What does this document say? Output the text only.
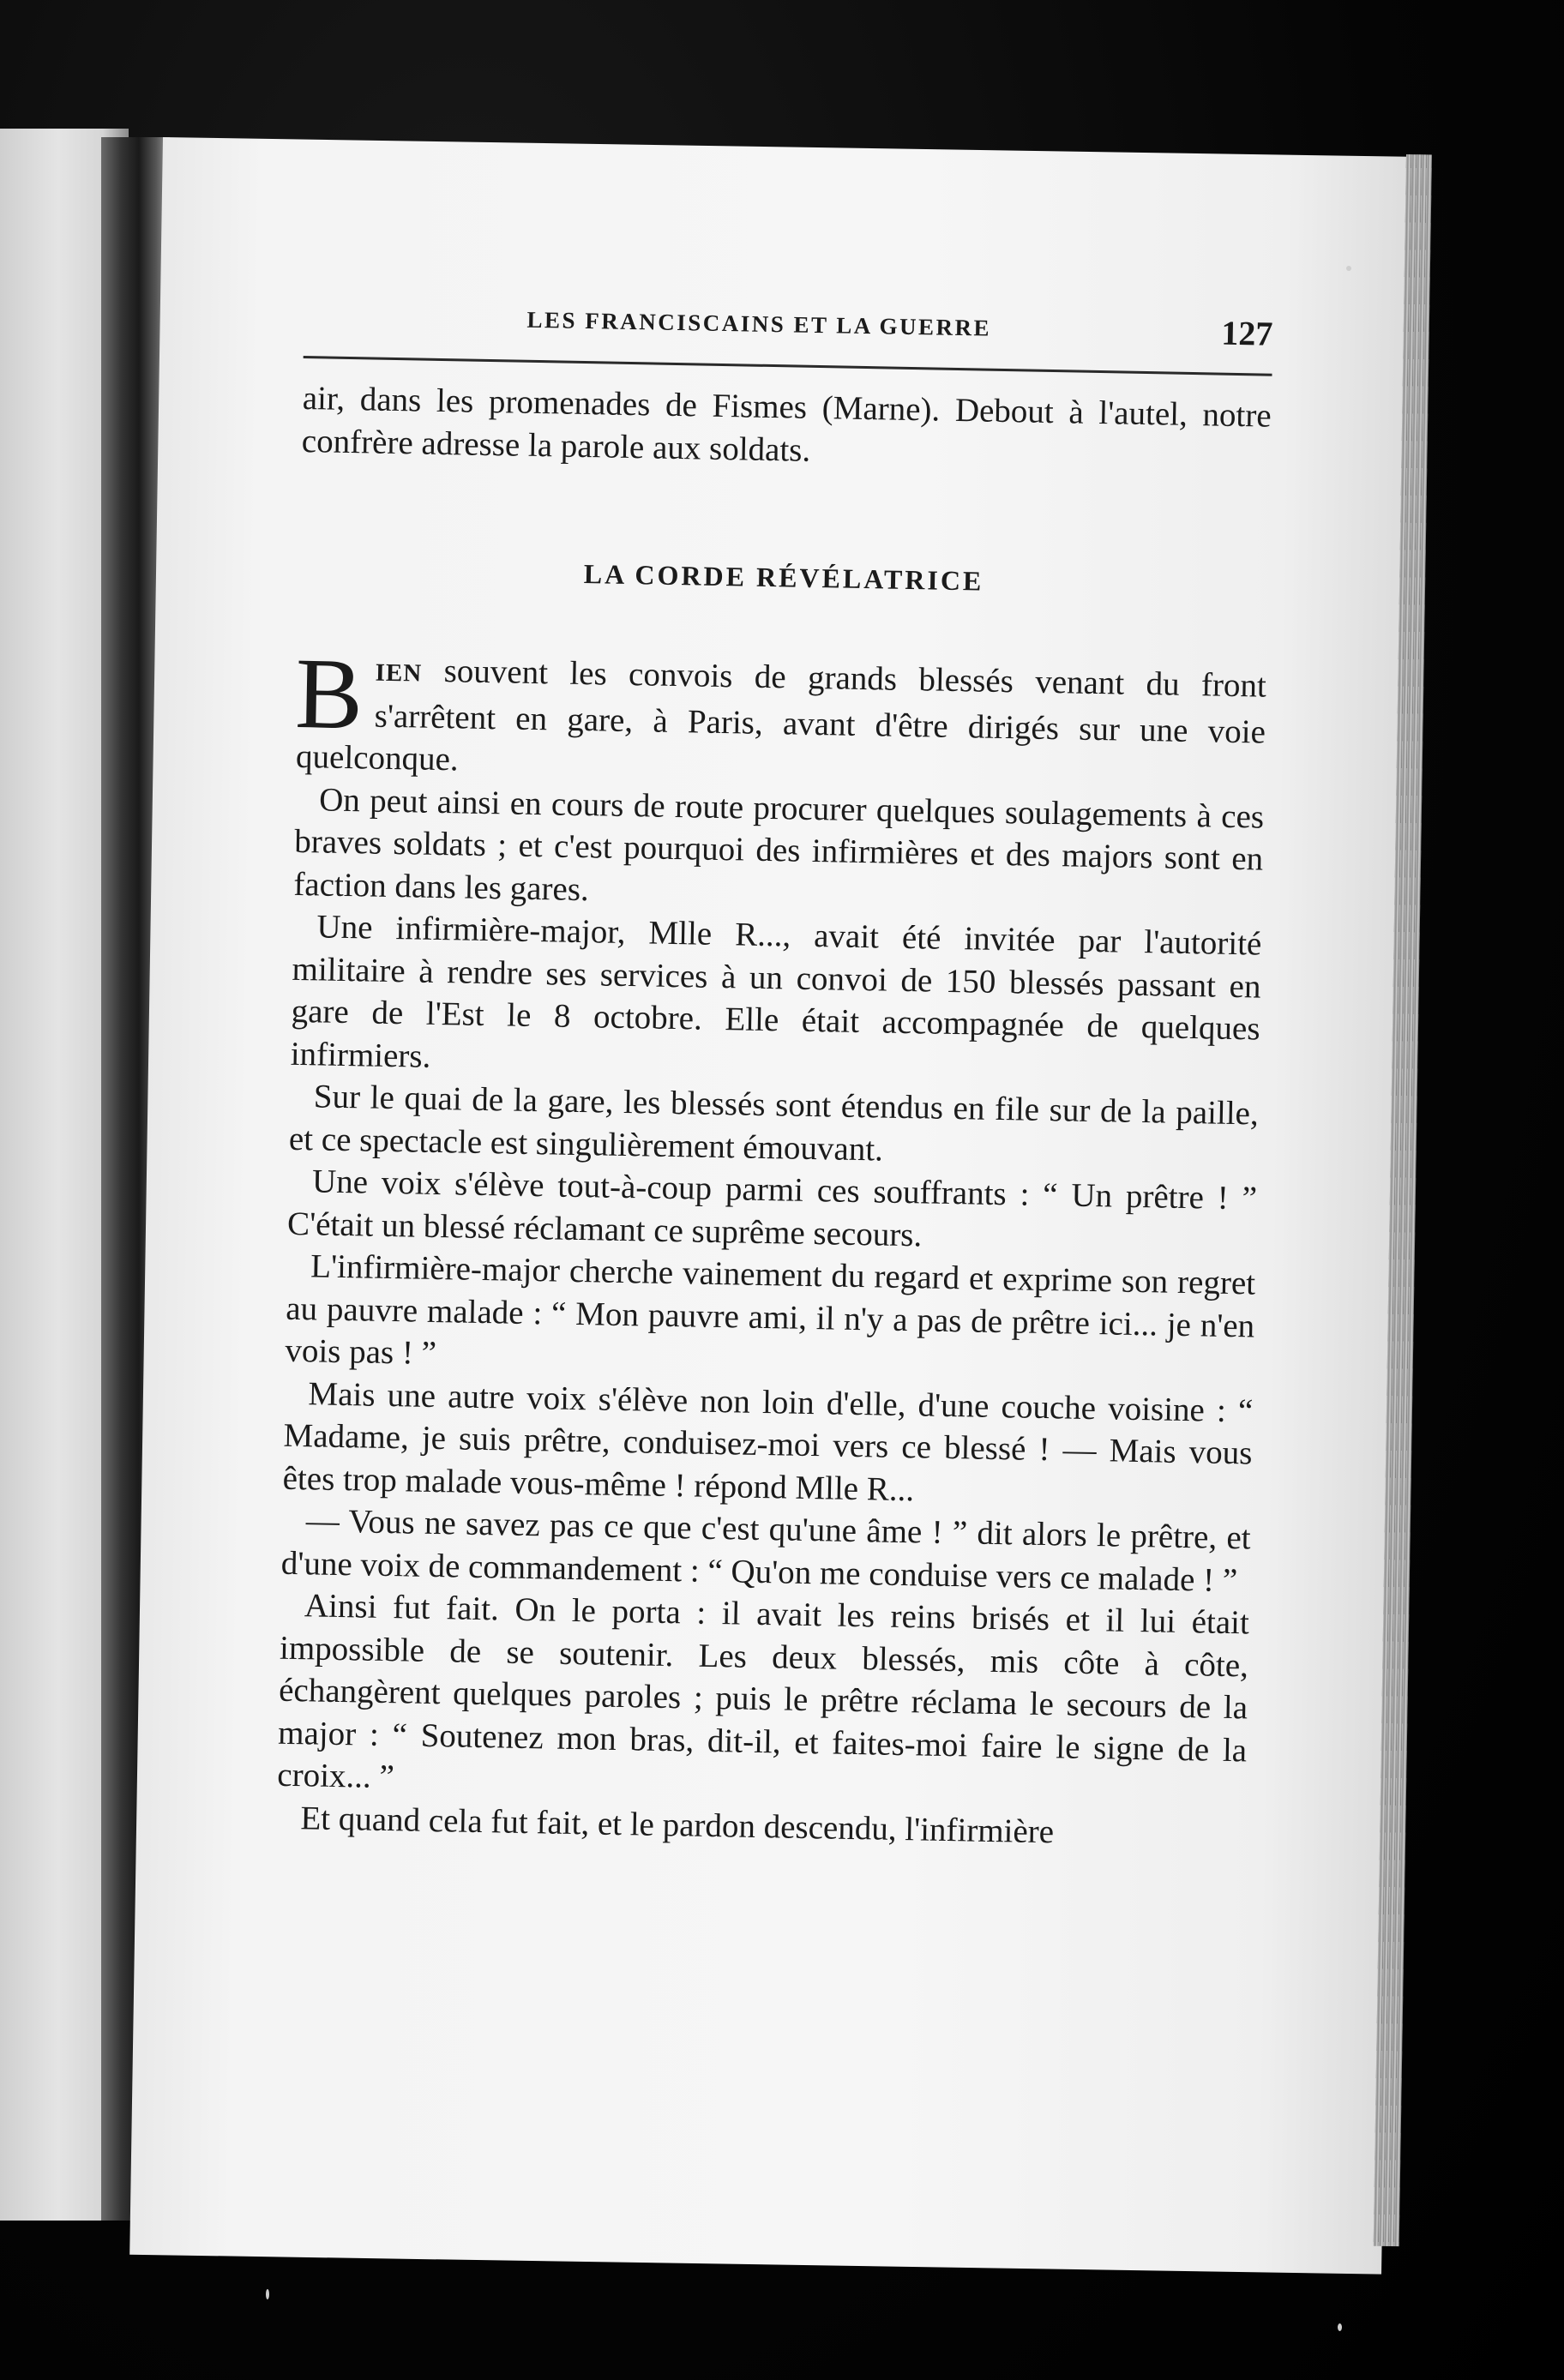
LES FRANCISCAINS ET LA GUERRE	127

air, dans les promenades de Fismes (Marne). Debout à l'autel, notre confrère adresse la parole aux soldats.

LA CORDE RÉVÉLATRICE

BIEN souvent les convois de grands blessés venant du front s'arrêtent en gare, à Paris, avant d'être dirigés sur une voie quelconque.

On peut ainsi en cours de route procurer quelques soulagements à ces braves soldats ; et c'est pourquoi des infirmières et des majors sont en faction dans les gares.

Une infirmière-major, Mlle R..., avait été invitée par l'autorité militaire à rendre ses services à un convoi de 150 blessés passant en gare de l'Est le 8 octobre. Elle était accompagnée de quelques infirmiers.

Sur le quai de la gare, les blessés sont étendus en file sur de la paille, et ce spectacle est singulièrement émouvant.

Une voix s'élève tout-à-coup parmi ces souffrants : “ Un prêtre ! ” C'était un blessé réclamant ce suprême secours.

L'infirmière-major cherche vainement du regard et exprime son regret au pauvre malade : “ Mon pauvre ami, il n'y a pas de prêtre ici... je n'en vois pas ! ”

Mais une autre voix s'élève non loin d'elle, d'une couche voisine : “ Madame, je suis prêtre, conduisez-moi vers ce blessé ! — Mais vous êtes trop malade vous-même ! répond Mlle R...

— Vous ne savez pas ce que c'est qu'une âme ! ” dit alors le prêtre, et d'une voix de commandement : “ Qu'on me conduise vers ce malade ! ”

Ainsi fut fait. On le porta : il avait les reins brisés et il lui était impossible de se soutenir. Les deux blessés, mis côte à côte, échangèrent quelques paroles ; puis le prêtre réclama le secours de la major : “ Soutenez mon bras, dit-il, et faites-moi faire le signe de la croix... ”

Et quand cela fut fait, et le pardon descendu, l'infirmière
